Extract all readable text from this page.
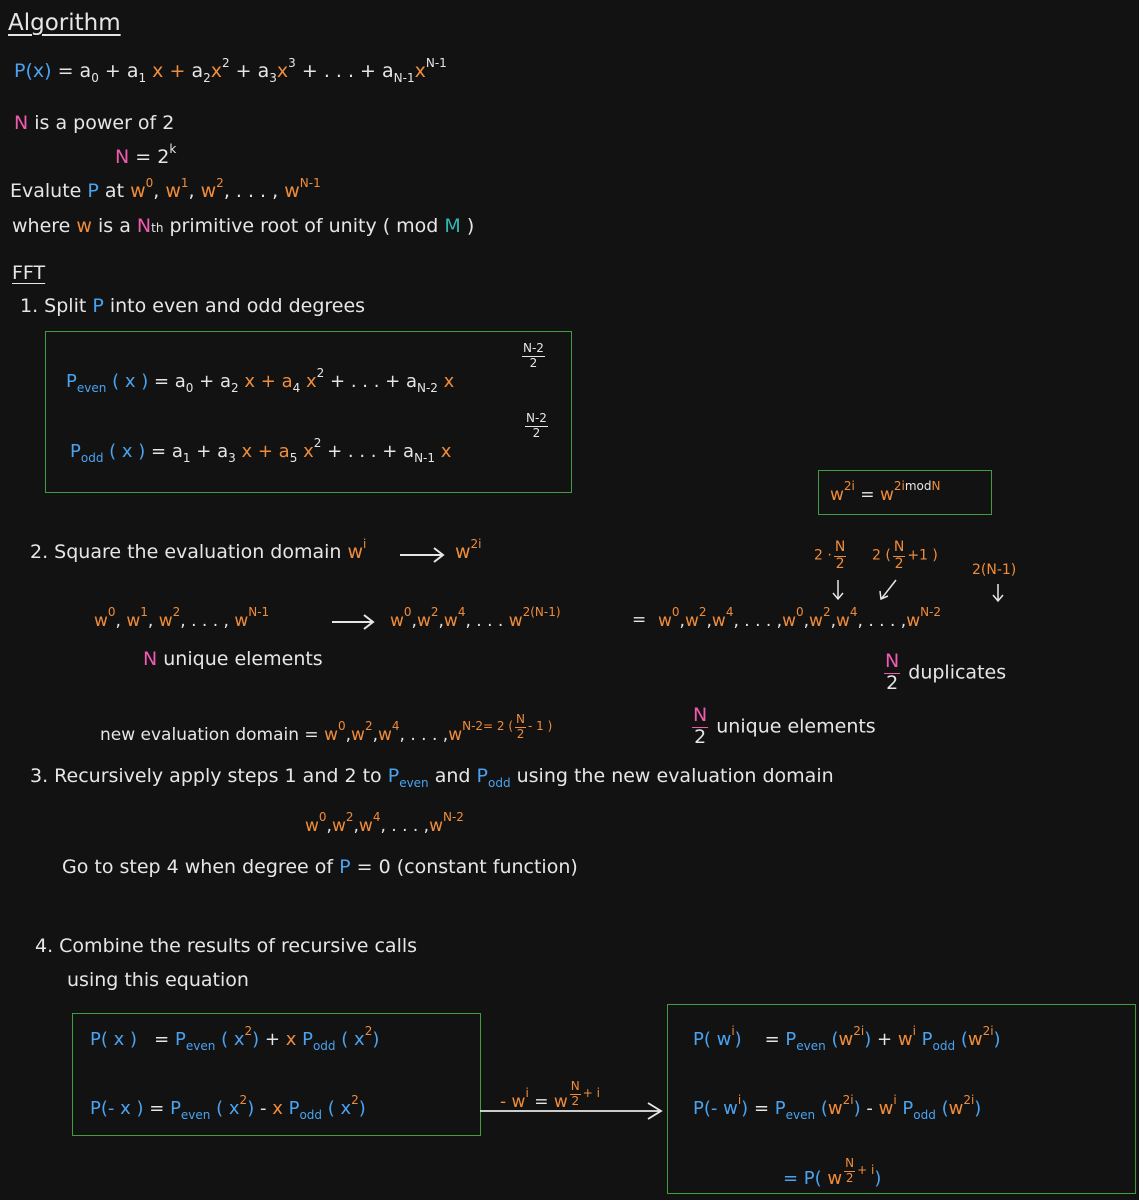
Algorithm
$P(x) = a_0 + a_1$ $x + a_2x^2 + a_3x^3$ + . . . + $a_{N-1}x^{N-1}$
N is a power of 2
$N = 2^k$
Evalute P at $w^0$, $w^1$, $w^2$, . . . , $w^{N-1}$
where w is a Nth primitive root of unity ( mod M )
FFT
1. Split P into even and odd degrees
$P_{even}$ ( x ) = $a_0 + a_2$ $x + a_4$ $x^2$ + . . . + $a_{N-2}$ x
$\frac{N-2}{2}$
$P_{odd}$ ( x ) = $a_1 + a_3$ $x + a_5$ $x^2$ + . . . + $a_{N-1}$ x
$\frac{N-2}{2}$
$w^{2i} = w^{2imodN}$
2. Square the evaluation domain $w^i$	$w^{2i}$
$2 \cdot \frac{N}{2} 2$ ( $\frac{N}{2} +1$ )
2(N-1)
$w^0$, $w^1$, $w^2$, . . . , $w^{N-1}$	$w^0,w^2,w^4$, . . . $w^{2(N-1)}$	= $w^0,w^2,w^4$, . . . $,w^0,w^2,w^4$, . . . $,w^{N-2}$
N unique elements	$\frac{N}{2}$ duplicates
new evaluation domain = $w^0,w^2,w^4$, . . . $,w^{N-2= 2 (}$ $^{\frac{N}{2}}$ $^{- 1 )}$	$\frac{N}{2}$ unique elements
3. Recursively apply steps 1 and 2 to $P_{even}$ and $P_{odd}$ using the new evaluation domain
$w^0,w^2,w^4$, . . . $,w^{N-2}$
Go to step 4 when degree of P = 0 (constant function)
4. Combine the results of recursive calls
using this equation
P( x ) = $P_{even}$ ( $x^2) + x$ $P_{odd}$ ( $x^2$)
P(- x ) = $P_{even}$ ( $x^2$) - x $P_{odd}$ ( $x^2$)	- $w^i = w$ $^{\frac{N}{2} + i}$
P( $w^i) = P_{even}$ $(w^{2i}) + w^i$ $P_{odd}$ $(w^{2i})$
P(- $w^i) = P_{even}$ $(w^{2i}) - w^i$ $P_{odd}$ $(w^{2i})$
= P( w $^{\frac{N}{2} + i}$)
